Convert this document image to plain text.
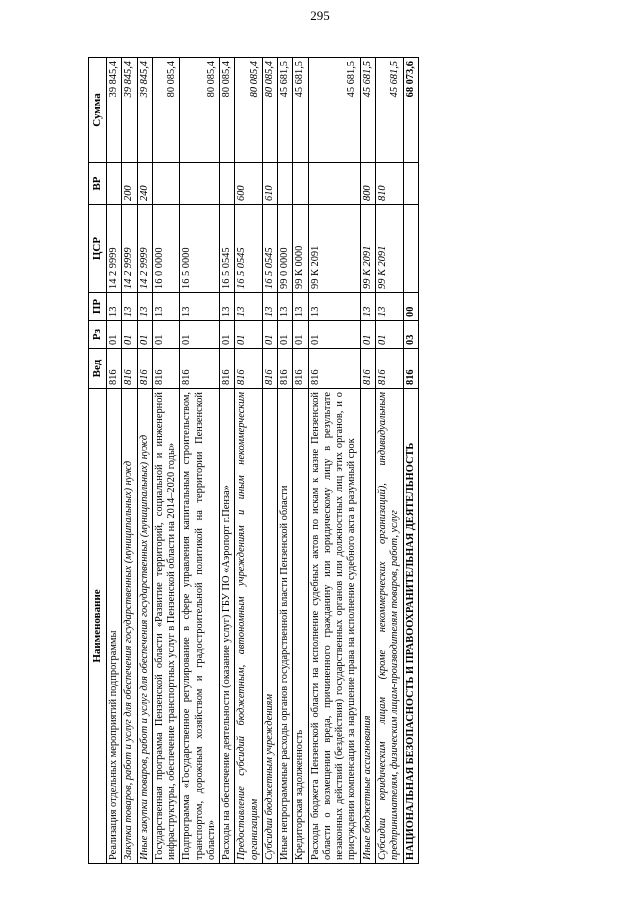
295
Наименование	Вед	Рз	ПР	ЦСР	ВР	Сумма
Реализация отдельных мероприятий подпрограммы	816	01	13	14 2 9999		39 845,4
Закупка товаров, работ и услуг для обеспечения государственных (муниципальных) нужд	816	01	13	14 2 9999	200	39 845,4
Иные закупки товаров, работ и услуг для обеспечения государственных (муниципальных) нужд	816	01	13	14 2 9999	240	39 845,4
Государственная программа Пензенской области «Развитие территорий, социальной и инженерной инфраструктуры, обеспечение транспортных услуг в Пензенской области на 2014–2020 годы»	816	01	13	16 0 0000		80 085,4
Подпрограмма «Государственное регулирование в сфере управления капитальным строительством, транспортом, дорожным хозяйством и градостроительной политикой на территории Пензенской области»	816	01	13	16 5 0000		80 085,4
Расходы на обеспечение деятельности (оказание услуг) ГБУ ПО «Аэропорт г.Пенза»	816	01	13	16 5 0545		80 085,4
Предоставление субсидий бюджетным, автономным учреждениям и иным некоммерческим организациям	816	01	13	16 5 0545	600	80 085,4
Субсидии бюджетным учреждениям	816	01	13	16 5 0545	610	80 085,4
Иные непрограммные расходы органов государственной власти Пензенской области	816	01	13	99 0 0000		45 681,5
Кредиторская задолженность	816	01	13	99 К 0000		45 681,5
Расходы бюджета Пензенской области на исполнение судебных актов по искам к казне Пензенской области о возмещении вреда, причиненного гражданину или юридическому лицу в результате незаконных действий (бездействия) государственных органов или должностных лиц этих органов, и о присуждении компенсации за нарушение права на исполнение судебного акта в разумный срок	816	01	13	99 К 2091		45 681,5
Иные бюджетные ассигнования	816	01	13	99 К 2091	800	45 681,5
Субсидии юридическим лицам (кроме некоммерческих организаций), индивидуальным предпринимателям, физическим лицам-производителям товаров, работ, услуг	816	01	13	99 К 2091	810	45 681,5
НАЦИОНАЛЬНАЯ БЕЗОПАСНОСТЬ И ПРАВООХРАНИТЕЛЬНАЯ ДЕЯТЕЛЬНОСТЬ	816	03	00			68 073,6
